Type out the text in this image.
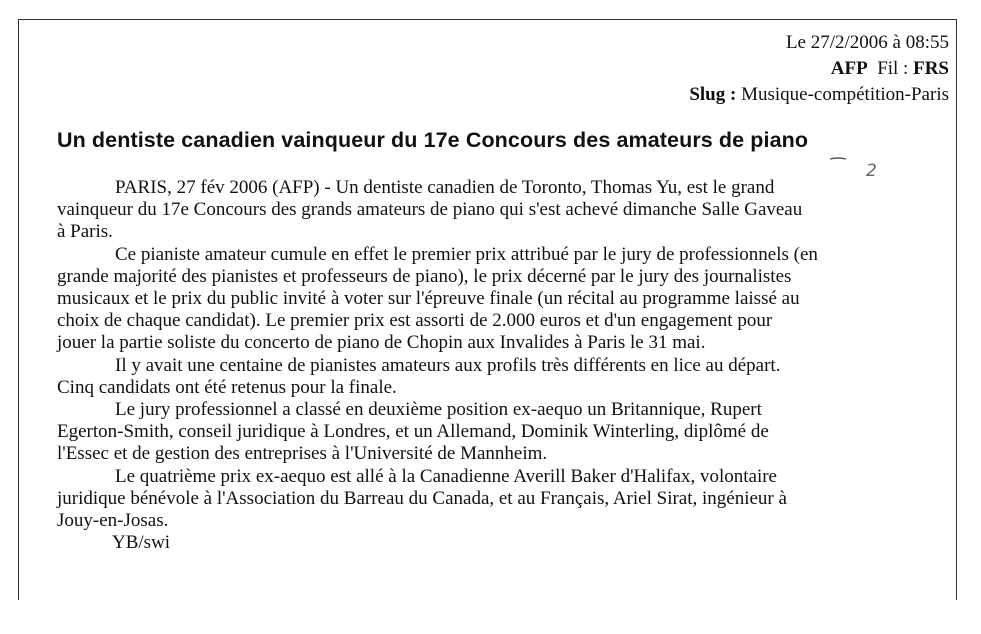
Le 27/2/2006 à 08:55
AFP Fil : FRS
Slug : Musique-compétition-Paris
Un dentiste canadien vainqueur du 17e Concours des amateurs de piano
2
PARIS, 27 fév 2006 (AFP) - Un dentiste canadien de Toronto, Thomas Yu, est le grand
vainqueur du 17e Concours des grands amateurs de piano qui s'est achevé dimanche Salle Gaveau
à Paris.
Ce pianiste amateur cumule en effet le premier prix attribué par le jury de professionnels (en
grande majorité des pianistes et professeurs de piano), le prix décerné par le jury des journalistes
musicaux et le prix du public invité à voter sur l'épreuve finale (un récital au programme laissé au
choix de chaque candidat). Le premier prix est assorti de 2.000 euros et d'un engagement pour
jouer la partie soliste du concerto de piano de Chopin aux Invalides à Paris le 31 mai.
Il y avait une centaine de pianistes amateurs aux profils très différents en lice au départ.
Cinq candidats ont été retenus pour la finale.
Le jury professionnel a classé en deuxième position ex-aequo un Britannique, Rupert
Egerton-Smith, conseil juridique à Londres, et un Allemand, Dominik Winterling, diplômé de
l'Essec et de gestion des entreprises à l'Université de Mannheim.
Le quatrième prix ex-aequo est allé à la Canadienne Averill Baker d'Halifax, volontaire
juridique bénévole à l'Association du Barreau du Canada, et au Français, Ariel Sirat, ingénieur à
Jouy-en-Josas.
YB/swi
